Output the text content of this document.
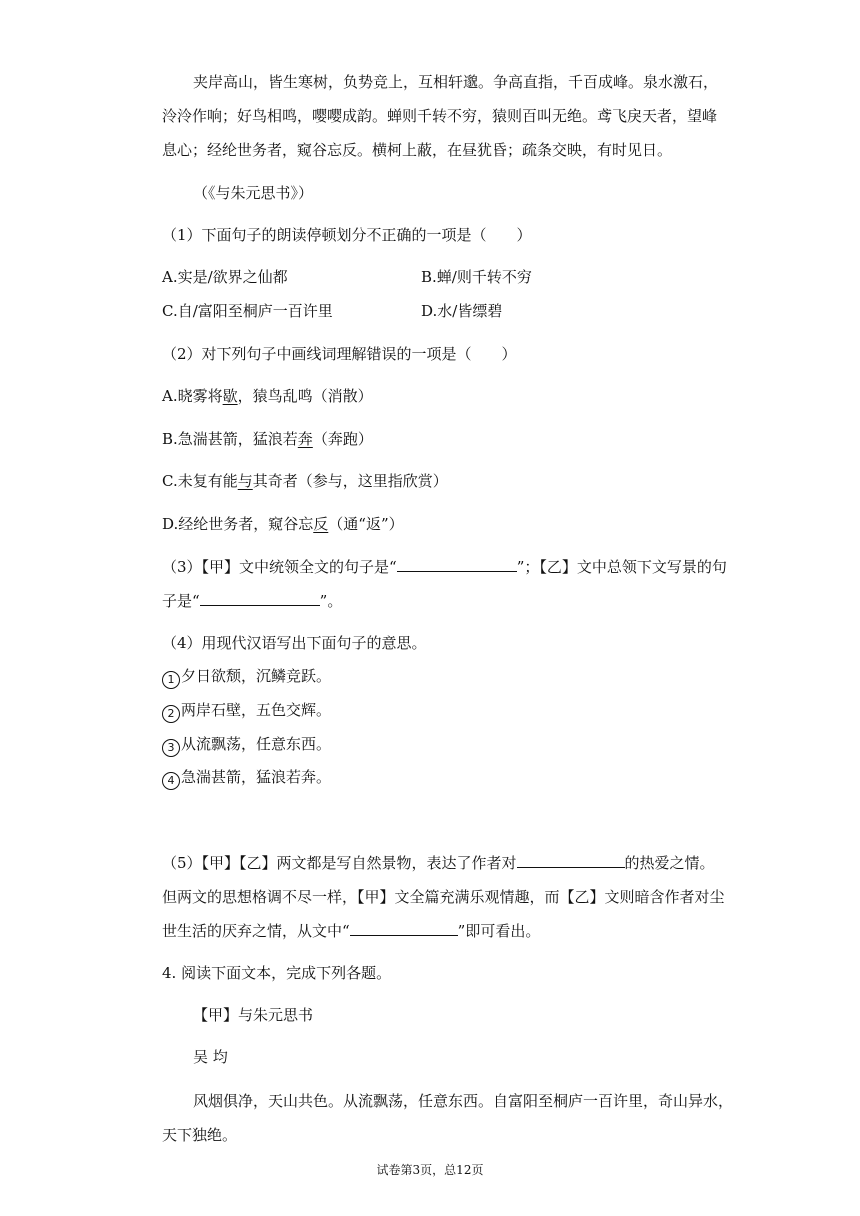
夹岸高山，皆生寒树，负势竞上，互相轩邈。争高直指，千百成峰。泉水激石，
泠泠作响；好鸟相鸣，嘤嘤成韵。蝉则千转不穷，猿则百叫无绝。鸢飞戾天者，望峰
息心；经纶世务者，窥谷忘反。横柯上蔽，在昼犹昏；疏条交映，有时见日。
（《与朱元思书》）
（1）下面句子的朗读停顿划分不正确的一项是（　　）
A.实是/欲界之仙都	B.蝉/则千转不穷
C.自/富阳至桐庐一百许里	D.水/皆缥碧
（2）对下列句子中画线词理解错误的一项是（　　）
A.晓雾将歇，猿鸟乱鸣（消散）
B.急湍甚箭，猛浪若奔（奔跑）
C.未复有能与其奇者（参与，这里指欣赏）
D.经纶世务者，窥谷忘反（通“返”）
（3）【甲】文中统领全文的句子是“	”；【乙】文中总领下文写景的句
子是“	”。
（4）用现代汉语写出下面句子的意思。
1 夕日欲颓，沉鳞竞跃。
2 两岸石壁，五色交辉。
3 从流飘荡，任意东西。
4 急湍甚箭，猛浪若奔。
（5）【甲】【乙】两文都是写自然景物，表达了作者对	的热爱之情。
但两文的思想格调不尽一样，【甲】文全篇充满乐观情趣，而【乙】文则暗含作者对尘
世生活的厌弃之情，从文中“	”即可看出。
4. 阅读下面文本，完成下列各题。
【甲】与朱元思书
吴 均
风烟俱净，天山共色。从流飘荡，任意东西。自富阳至桐庐一百许里，奇山异水，
天下独绝。
试卷第3页，总12页
